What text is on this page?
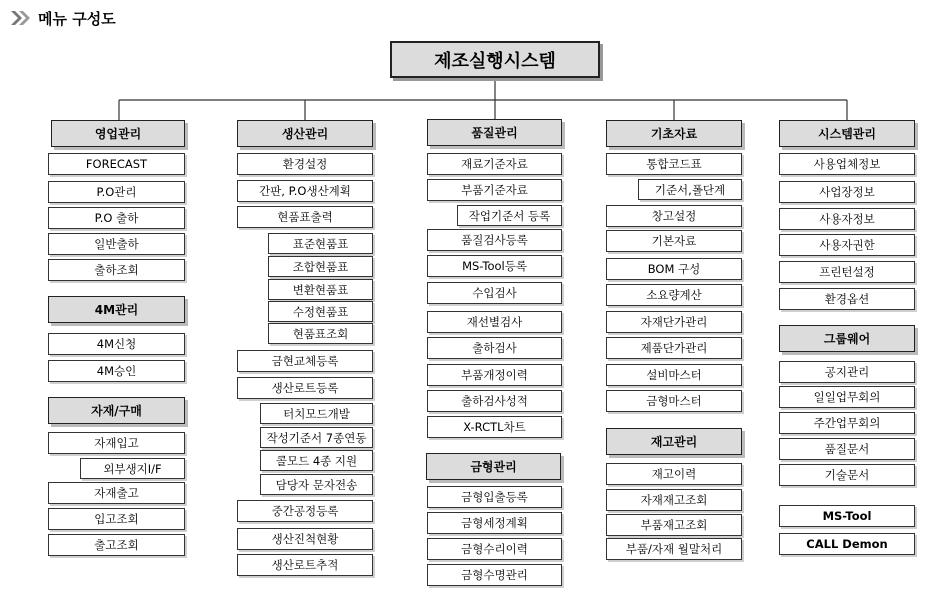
메뉴 구성도
제조실행시스템
영업관리
FORECAST
P.O관리
P.O 출하
일반출하
출하조회
4M관리
4M신청
4M승인
자재/구매
자재입고
외부생지I/F
자재출고
입고조회
출고조회
생산관리
환경설정
간판, P.O생산계획
현품표출력
표준현품표
조합현품표
변환현품표
수정현품표
현품표조회
금현교체등록
생산로트등록
터치모드개발
작성기준서 7종연동
콜모드 4종 지원
담당자 문자전송
중간공정등록
생산진척현황
생산로트추적
품질관리
재료기준자료
부품기준자료
작업기준서 등록
품질검사등록
MS-Tool등록
수입검사
재선별검사
출하검사
부품개정이력
출하검사성적
X-RCTL차트
금형관리
금형입출등록
금형세정계획
금형수리이력
금형수명관리
기초자료
통합코드표
기준서,폴단계
창고설정
기본자료
BOM 구성
소요량계산
자재단가관리
제품단가관리
설비마스터
금형마스터
재고관리
재고이력
자재재고조회
부품재고조회
부품/자재 월말처리
시스템관리
사용업체정보
사업장정보
사용자정보
사용자권한
프린턴설정
환경옵션
그룹웨어
공지관리
일일업무회의
주간업무회의
품질문서
기술문서
MS-Tool
CALL Demon
